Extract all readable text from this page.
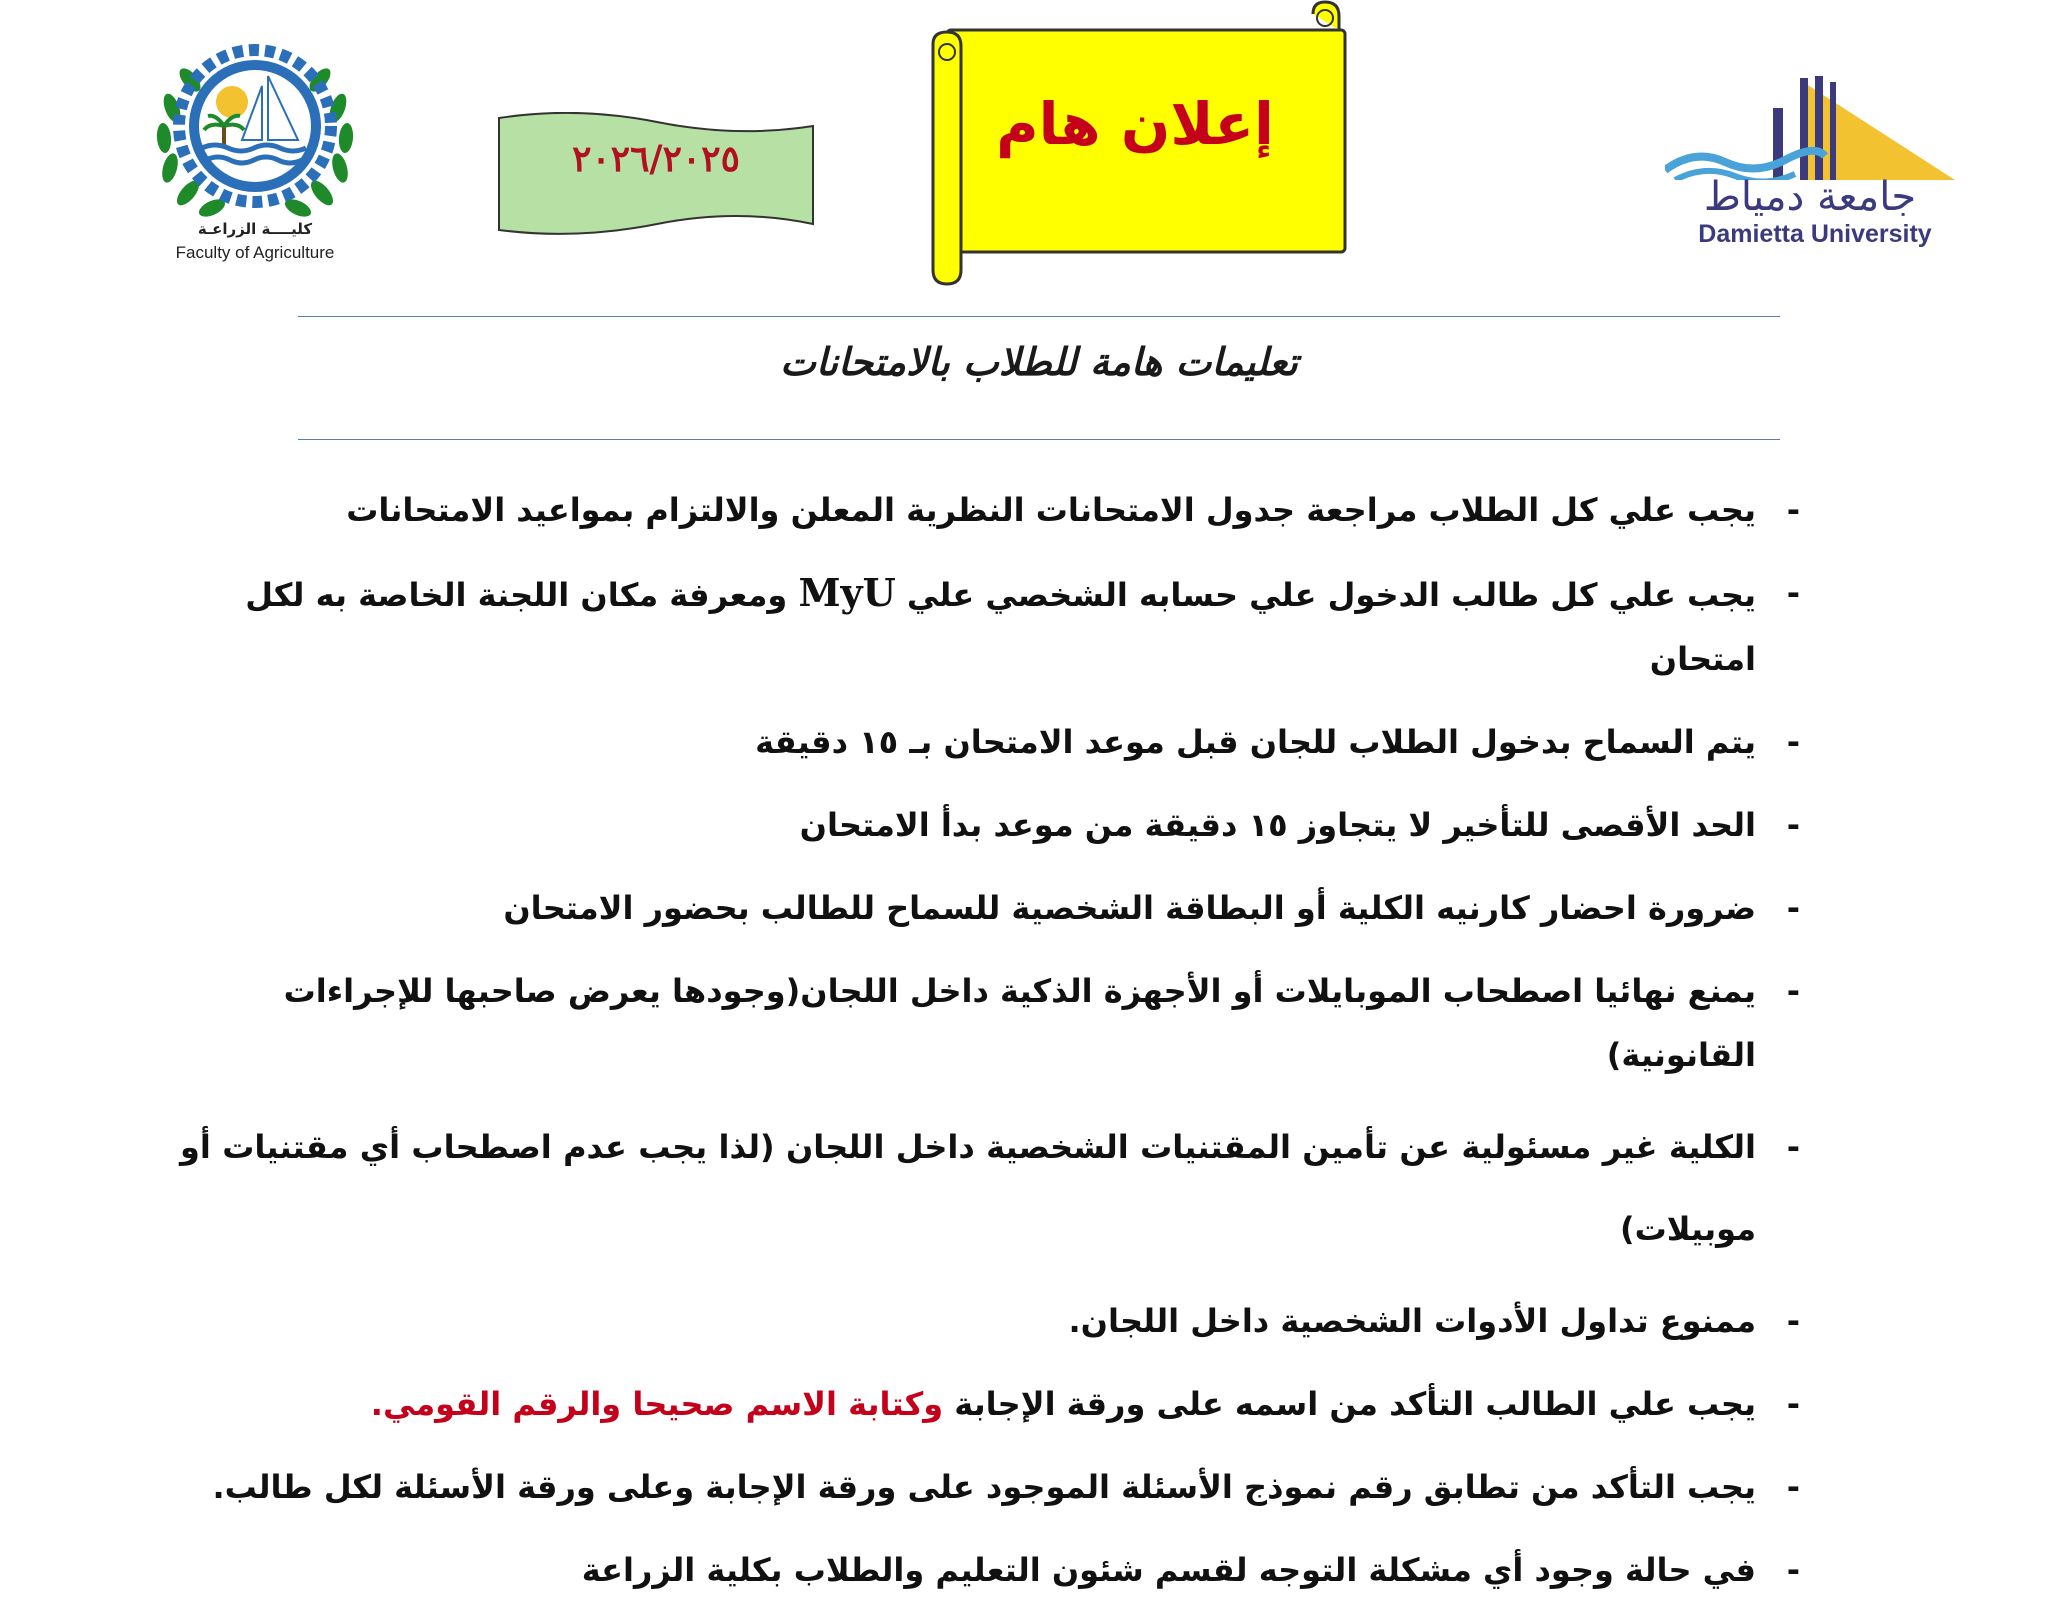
كليــــة الزراعـة
Faculty of Agriculture
٢٠٢٦/٢٠٢٥
إعلان هام
جامعة دمياط
Damietta University
تعليمات هامة للطلاب بالامتحانات
-
يجب علي كل الطلاب مراجعة جدول الامتحانات النظرية المعلن والالتزام بمواعيد الامتحانات
-
يجب علي كل طالب الدخول علي حسابه الشخصي علي MyU ومعرفة مكان اللجنة الخاصة به لكل امتحان
-
يتم السماح بدخول الطلاب للجان قبل موعد الامتحان بـ ١٥ دقيقة
-
الحد الأقصى للتأخير لا يتجاوز ١٥ دقيقة من موعد بدأ الامتحان
-
ضرورة احضار كارنيه الكلية أو البطاقة الشخصية للسماح للطالب بحضور الامتحان
-
يمنع نهائيا اصطحاب الموبايلات أو الأجهزة الذكية داخل اللجان(وجودها يعرض صاحبها للإجراءات القانونية)
-
الكلية غير مسئولية عن تأمين المقتنيات الشخصية داخل اللجان (لذا يجب عدم اصطحاب أي مقتنيات أو موبيلات)
-
ممنوع تداول الأدوات الشخصية داخل اللجان.
-
يجب علي الطالب التأكد من اسمه على ورقة الإجابة وكتابة الاسم صحيحا والرقم القومي.
-
يجب التأكد من تطابق رقم نموذج الأسئلة الموجود على ورقة الإجابة وعلى ورقة الأسئلة لكل طالب.
-
في حالة وجود أي مشكلة التوجه لقسم شئون التعليم والطلاب بكلية الزراعة
